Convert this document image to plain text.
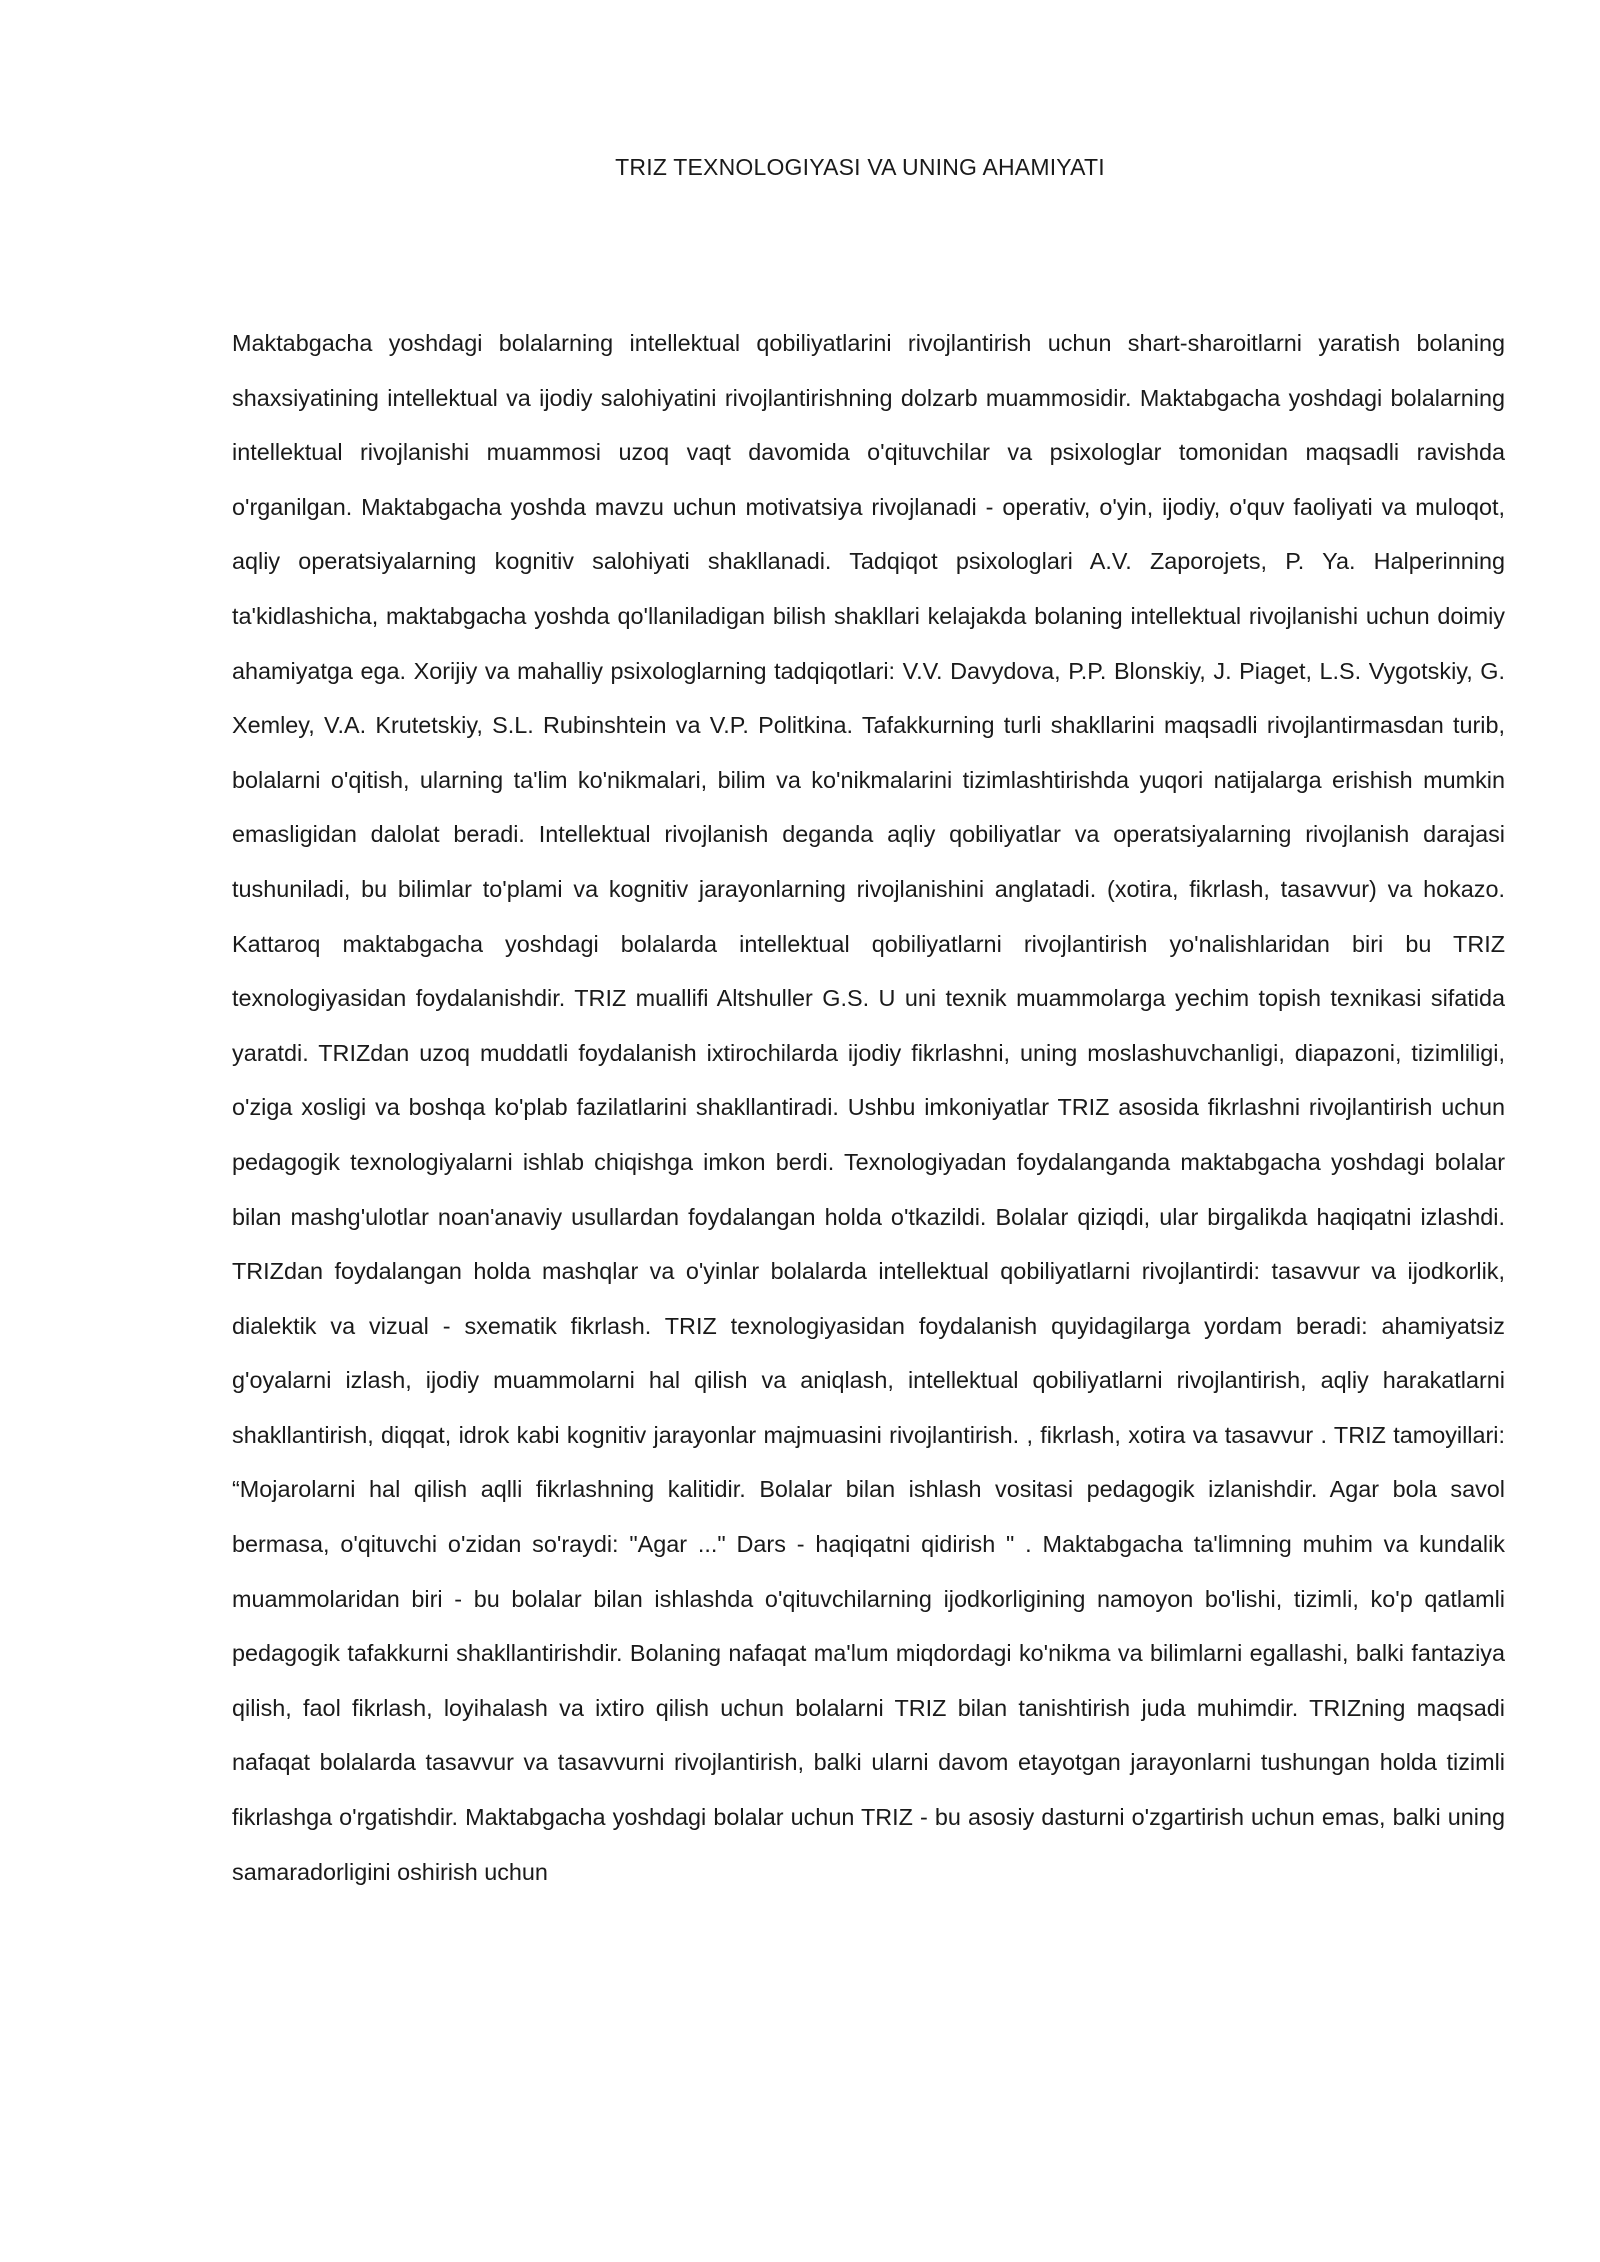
TRIZ TEXNOLOGIYASI VA UNING AHAMIYATI

Maktabgacha yoshdagi bolalarning intellektual qobiliyatlarini rivojlantirish uchun shart-sharoitlarni yaratish bolaning shaxsiyatining intellektual va ijodiy salohiyatini rivojlantirishning dolzarb muammosidir. Maktabgacha yoshdagi bolalarning intellektual rivojlanishi muammosi uzoq vaqt davomida o'qituvchilar va psixologlar tomonidan maqsadli ravishda o'rganilgan. Maktabgacha yoshda mavzu uchun motivatsiya rivojlanadi - operativ, o'yin, ijodiy, o'quv faoliyati va muloqot, aqliy operatsiyalarning kognitiv salohiyati shakllanadi. Tadqiqot psixologlari A.V. Zaporojets, P. Ya. Halperinning ta'kidlashicha, maktabgacha yoshda qo'llaniladigan bilish shakllari kelajakda bolaning intellektual rivojlanishi uchun doimiy ahamiyatga ega. Xorijiy va mahalliy psixologlarning tadqiqotlari: V.V. Davydova, P.P. Blonskiy, J. Piaget, L.S. Vygotskiy, G. Xemley, V.A. Krutetskiy, S.L. Rubinshtein va V.P. Politkina. Tafakkurning turli shakllarini maqsadli rivojlantirmasdan turib, bolalarni o'qitish, ularning ta'lim ko'nikmalari, bilim va ko'nikmalarini tizimlashtirishda yuqori natijalarga erishish mumkin emasligidan dalolat beradi. Intellektual rivojlanish deganda aqliy qobiliyatlar va operatsiyalarning rivojlanish darajasi tushuniladi, bu bilimlar to'plami va kognitiv jarayonlarning rivojlanishini anglatadi. (xotira, fikrlash, tasavvur) va hokazo. Kattaroq maktabgacha yoshdagi bolalarda intellektual qobiliyatlarni rivojlantirish yo'nalishlaridan biri bu TRIZ texnologiyasidan foydalanishdir. TRIZ muallifi Altshuller G.S. U uni texnik muammolarga yechim topish texnikasi sifatida yaratdi. TRIZdan uzoq muddatli foydalanish ixtirochilarda ijodiy fikrlashni, uning moslashuvchanligi, diapazoni, tizimliligi, o'ziga xosligi va boshqa ko'plab fazilatlarini shakllantiradi. Ushbu imkoniyatlar TRIZ asosida fikrlashni rivojlantirish uchun pedagogik texnologiyalarni ishlab chiqishga imkon berdi. Texnologiyadan foydalanganda maktabgacha yoshdagi bolalar bilan mashg'ulotlar noan'anaviy usullardan foydalangan holda o'tkazildi. Bolalar qiziqdi, ular birgalikda haqiqatni izlashdi. TRIZdan foydalangan holda mashqlar va o'yinlar bolalarda intellektual qobiliyatlarni rivojlantirdi: tasavvur va ijodkorlik, dialektik va vizual - sxematik fikrlash. TRIZ texnologiyasidan foydalanish quyidagilarga yordam beradi: ahamiyatsiz g'oyalarni izlash, ijodiy muammolarni hal qilish va aniqlash, intellektual qobiliyatlarni rivojlantirish, aqliy harakatlarni shakllantirish, diqqat, idrok kabi kognitiv jarayonlar majmuasini rivojlantirish. , fikrlash, xotira va tasavvur . TRIZ tamoyillari: “Mojarolarni hal qilish aqlli fikrlashning kalitidir. Bolalar bilan ishlash vositasi pedagogik izlanishdir. Agar bola savol bermasa, o'qituvchi o'zidan so'raydi: "Agar ..." Dars - haqiqatni qidirish " . Maktabgacha ta'limning muhim va kundalik muammolaridan biri - bu bolalar bilan ishlashda o'qituvchilarning ijodkorligining namoyon bo'lishi, tizimli, ko'p qatlamli pedagogik tafakkurni shakllantirishdir. Bolaning nafaqat ma'lum miqdordagi ko'nikma va bilimlarni egallashi, balki fantaziya qilish, faol fikrlash, loyihalash va ixtiro qilish uchun bolalarni TRIZ bilan tanishtirish juda muhimdir. TRIZning maqsadi nafaqat bolalarda tasavvur va tasavvurni rivojlantirish, balki ularni davom etayotgan jarayonlarni tushungan holda tizimli fikrlashga o'rgatishdir. Maktabgacha yoshdagi bolalar uchun TRIZ - bu asosiy dasturni o'zgartirish uchun emas, balki uning samaradorligini oshirish uchun
